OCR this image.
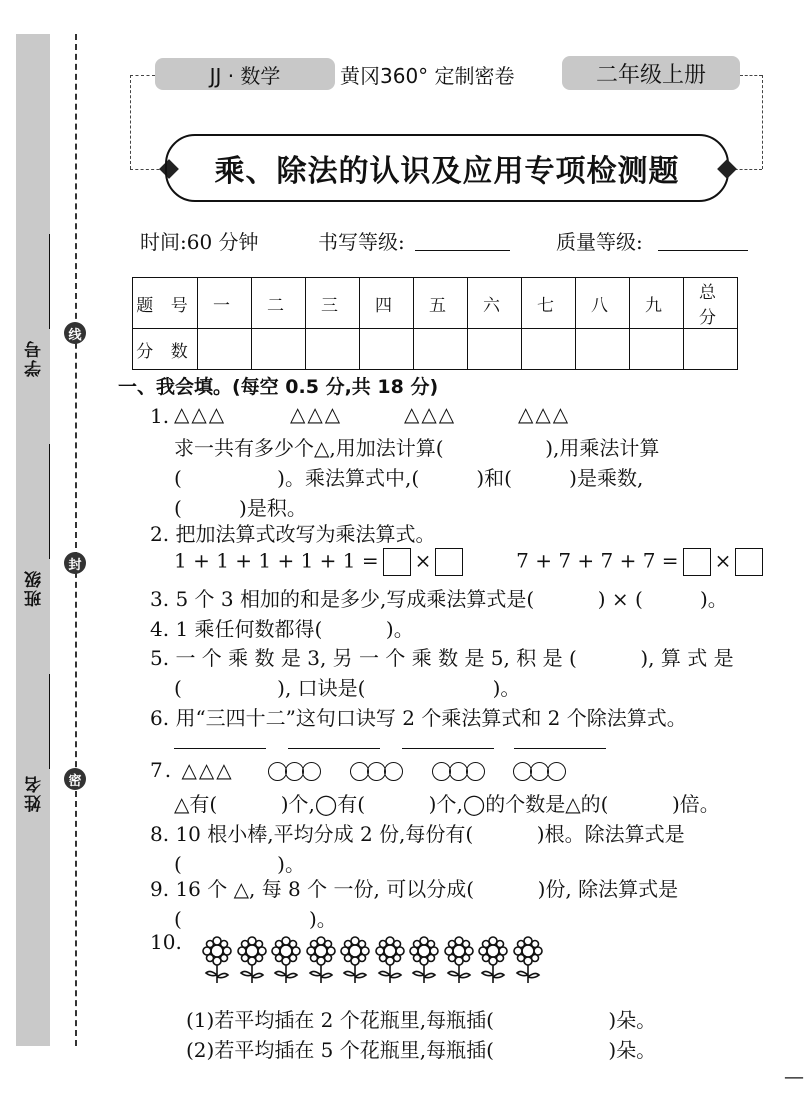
学号
班级
姓名
线
封
密
JJ · 数学	黄冈360° 定制密卷	二年级上册
乘、除法的认识及应用专项检测题
时间:60 分钟	书写等级:	质量等级:
题 号	一	二	三	四	五	六	七	八	九	总 分
分 数										
一、我会填。(每空 0.5 分,共 18 分)
1. △△△	△△△	△△△	△△△
求一共有多少个△,用加法计算(                ),用乘法计算
(               )。乘法算式中,(         )和(         )是乘数,
(         )是积。
2. 把加法算式改写为乘法算式。
1 + 1 + 1 + 1 + 1 = ×	7 + 7 + 7 + 7 = ×
3. 5 个 3 相加的和是多少,写成乘法算式是(          ) × (         )。
4. 1 乘任何数都得(          )。
5. 一 个 乘 数 是 3, 另 一 个 乘 数 是 5, 积 是 (          ), 算 式 是
(               ), 口诀是(                    )。
6. 用“三四十二”这句口诀写 2 个乘法算式和 2 个除法算式。
7. △△△
△有(          )个,◯有(          )个,◯的个数是△的(          )倍。
8. 10 根小棒,平均分成 2 份,每份有(          )根。除法算式是
(               )。
9. 16 个 △, 每 8 个 一份, 可以分成(          )份, 除法算式是
(                    )。
10.
(1)若平均插在 2 个花瓶里,每瓶插(                  )朵。
(2)若平均插在 5 个花瓶里,每瓶插(                  )朵。
—
